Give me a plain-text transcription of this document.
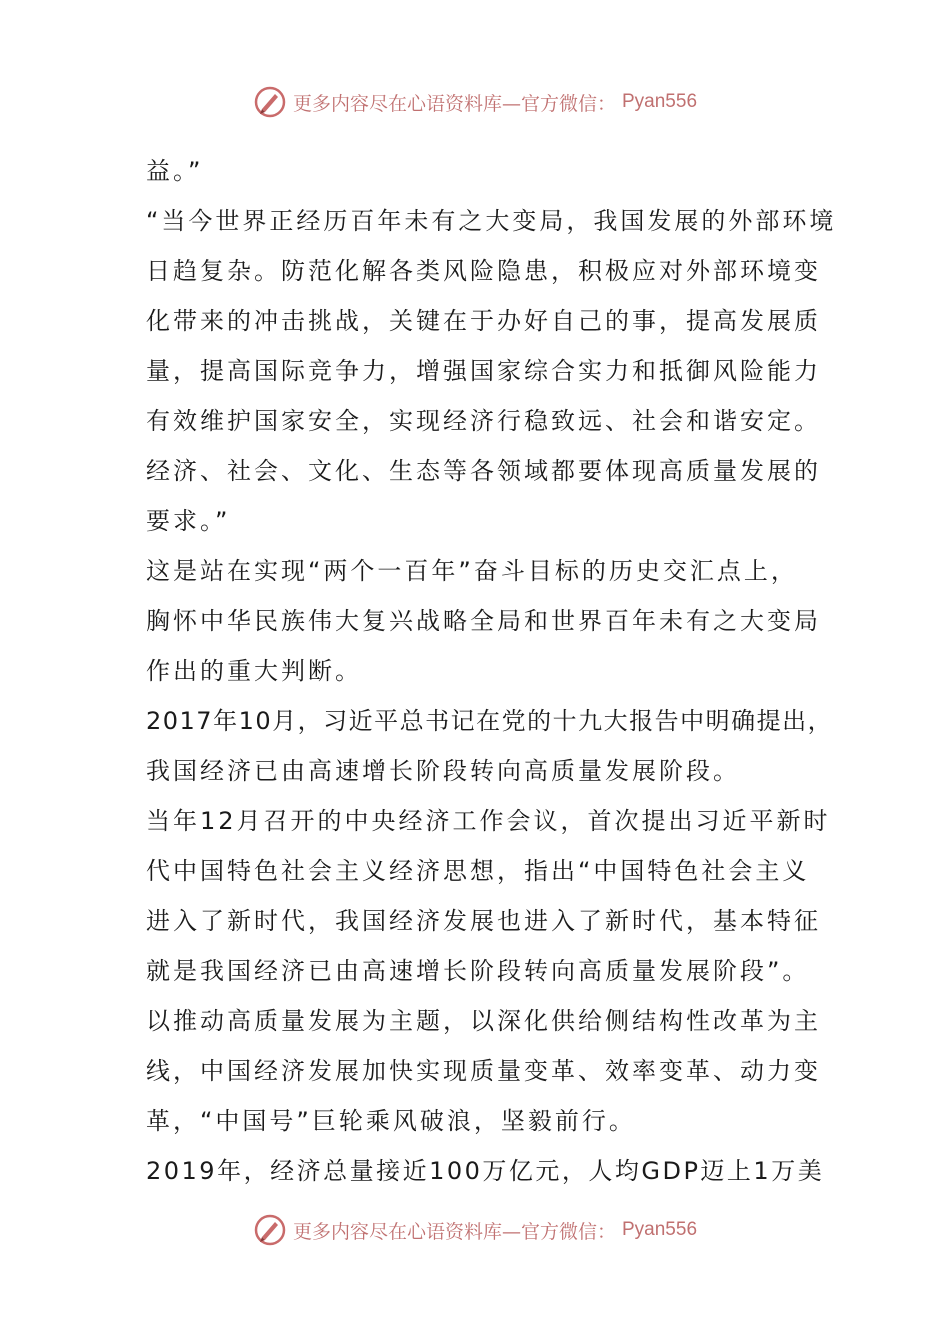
更多内容尽在心语资料库—官方微信： Pyan556
益。”
“当今世界正经历百年未有之大变局，我国发展的外部环境
日趋复杂。防范化解各类风险隐患，积极应对外部环境变
化带来的冲击挑战，关键在于办好自己的事，提高发展质
量，提高国际竞争力，增强国家综合实力和抵御风险能力
有效维护国家安全，实现经济行稳致远、社会和谐安定。
经济、社会、文化、生态等各领域都要体现高质量发展的
要求。”
这是站在实现“两个一百年”奋斗目标的历史交汇点上，
胸怀中华民族伟大复兴战略全局和世界百年未有之大变局
作出的重大判断。
2017年10月，习近平总书记在党的十九大报告中明确提出，
我国经济已由高速增长阶段转向高质量发展阶段。
当年12月召开的中央经济工作会议，首次提出习近平新时
代中国特色社会主义经济思想，指出“中国特色社会主义
进入了新时代，我国经济发展也进入了新时代，基本特征
就是我国经济已由高速增长阶段转向高质量发展阶段”。
以推动高质量发展为主题，以深化供给侧结构性改革为主
线，中国经济发展加快实现质量变革、效率变革、动力变
革，“中国号”巨轮乘风破浪，坚毅前行。
2019年，经济总量接近100万亿元，人均GDP迈上1万美
更多内容尽在心语资料库—官方微信： Pyan556
